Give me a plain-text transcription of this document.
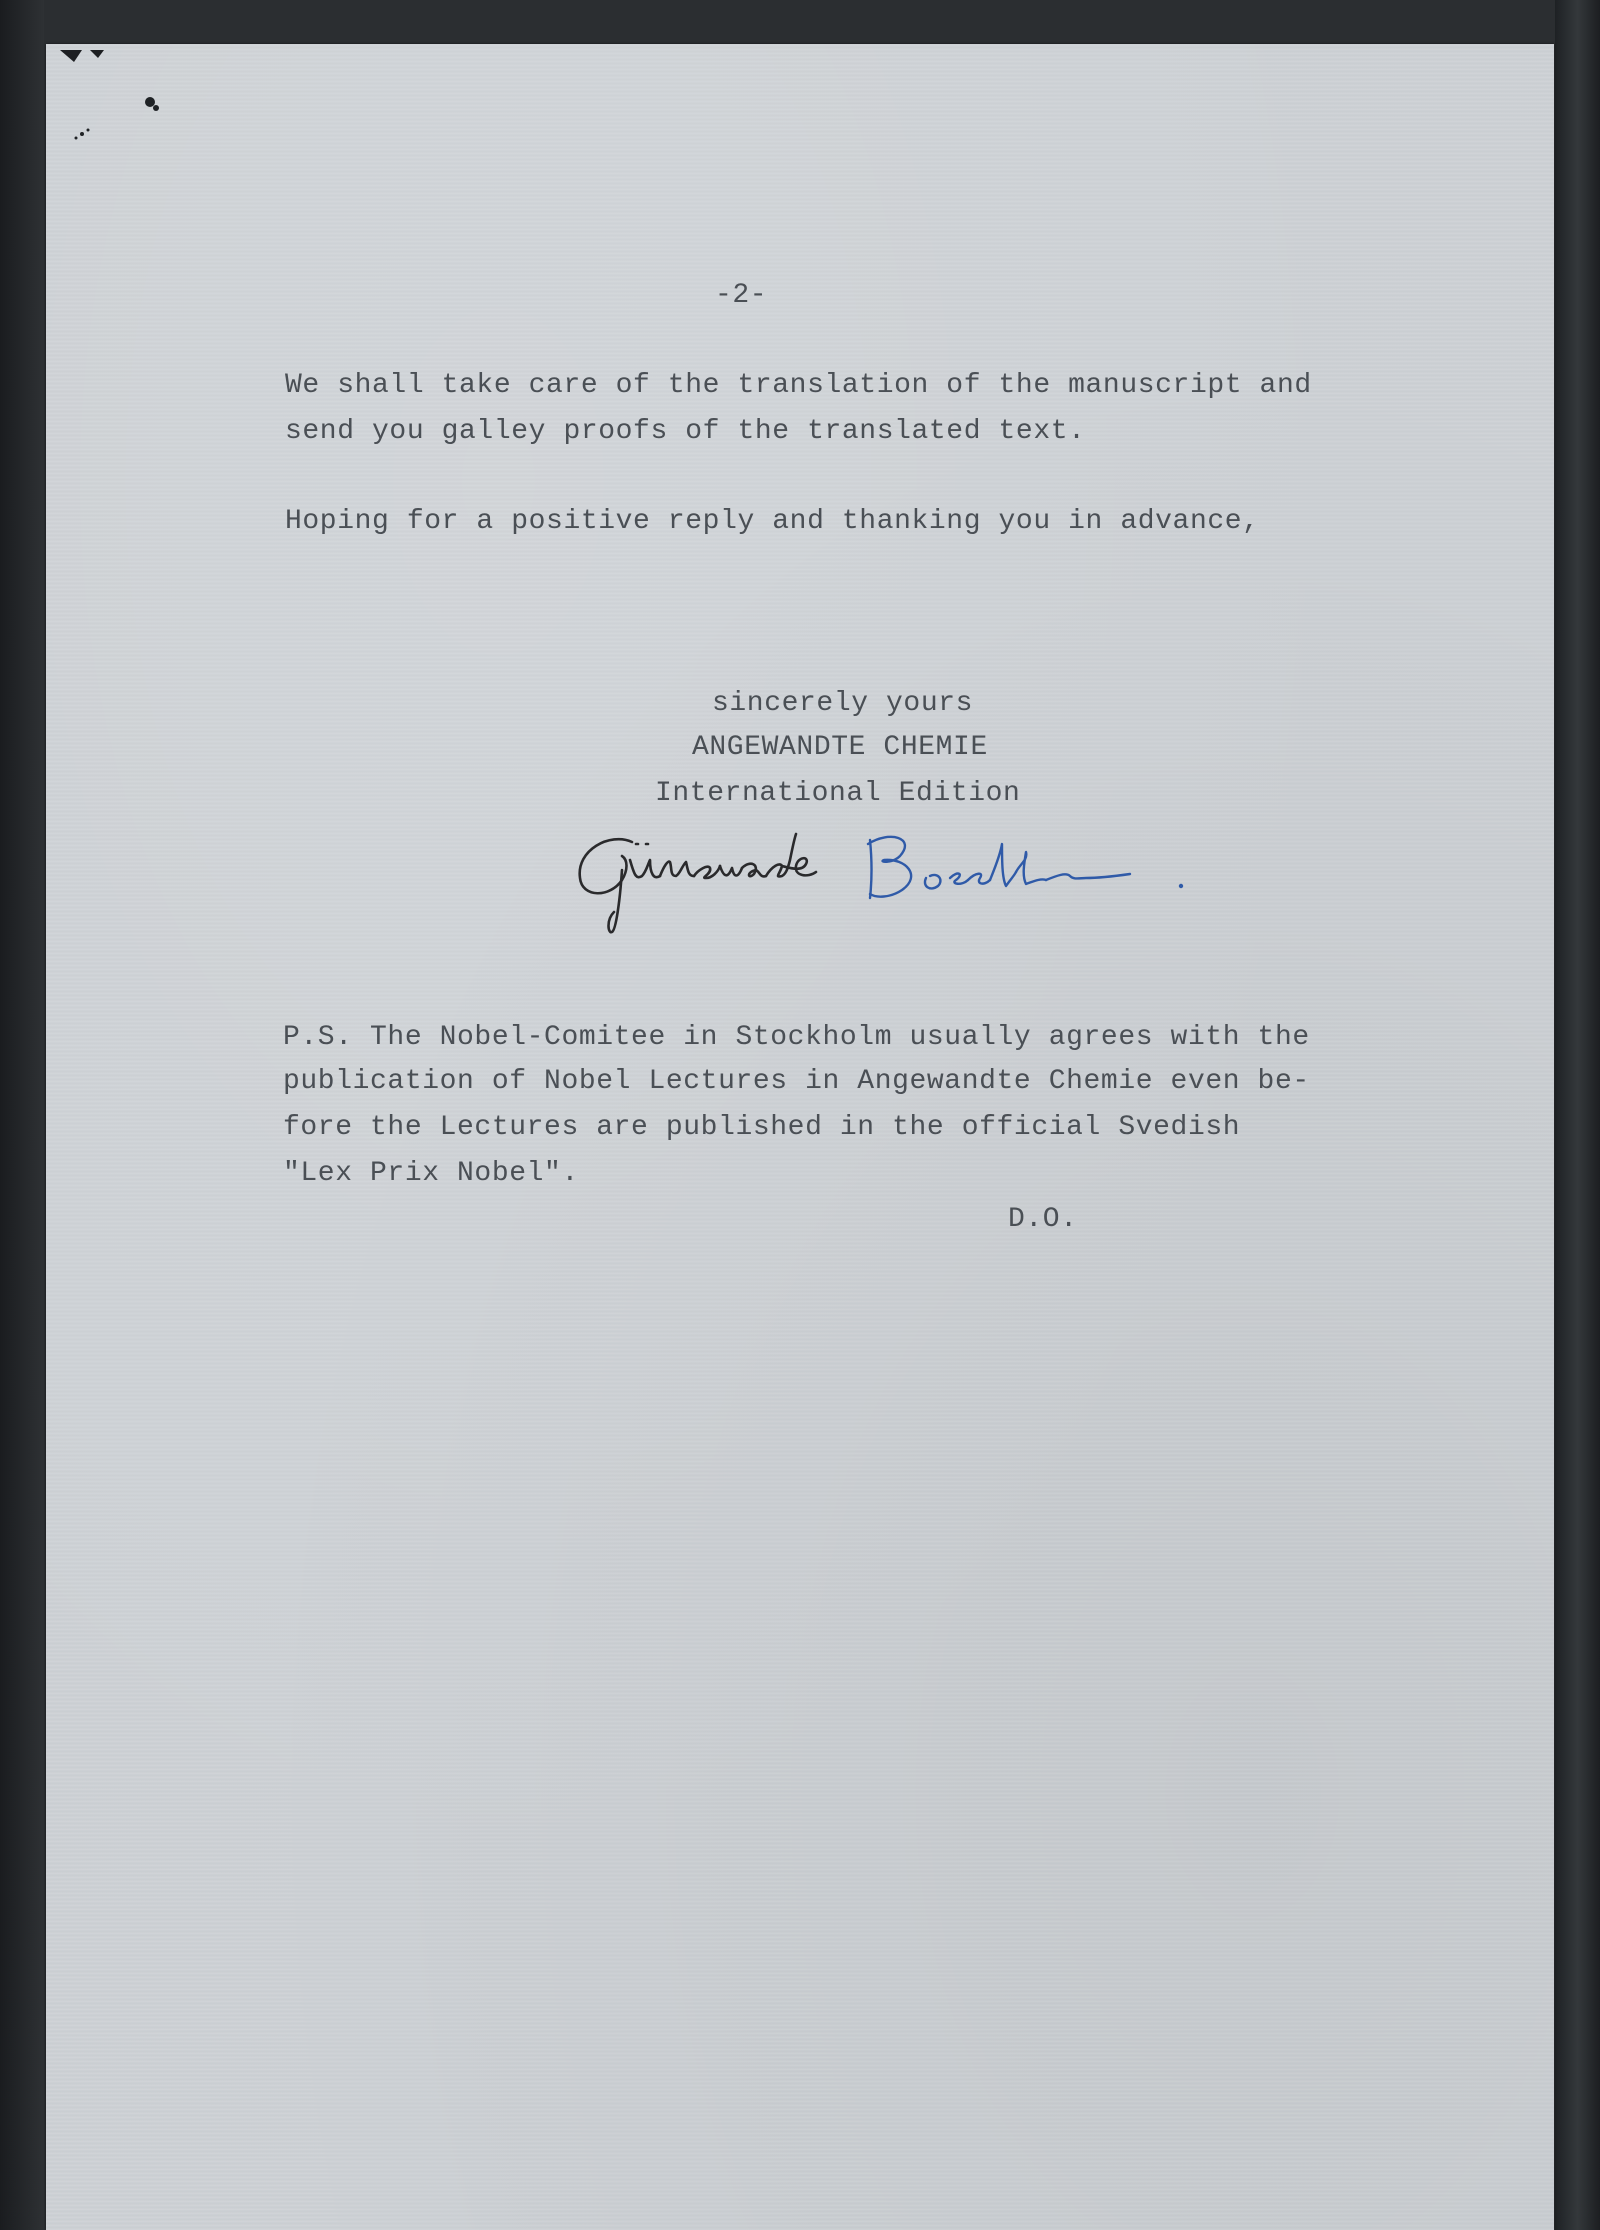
-2-
We shall take care of the translation of the manuscript and
send you galley proofs of the translated text.
Hoping for a positive reply and thanking you in advance,
sincerely yours
ANGEWANDTE CHEMIE
International Edition
P.S. The Nobel-Comitee in Stockholm usually agrees with the
publication of Nobel Lectures in Angewandte Chemie even be-
fore the Lectures are published in the official Svedish
"Lex Prix Nobel".
D.O.
